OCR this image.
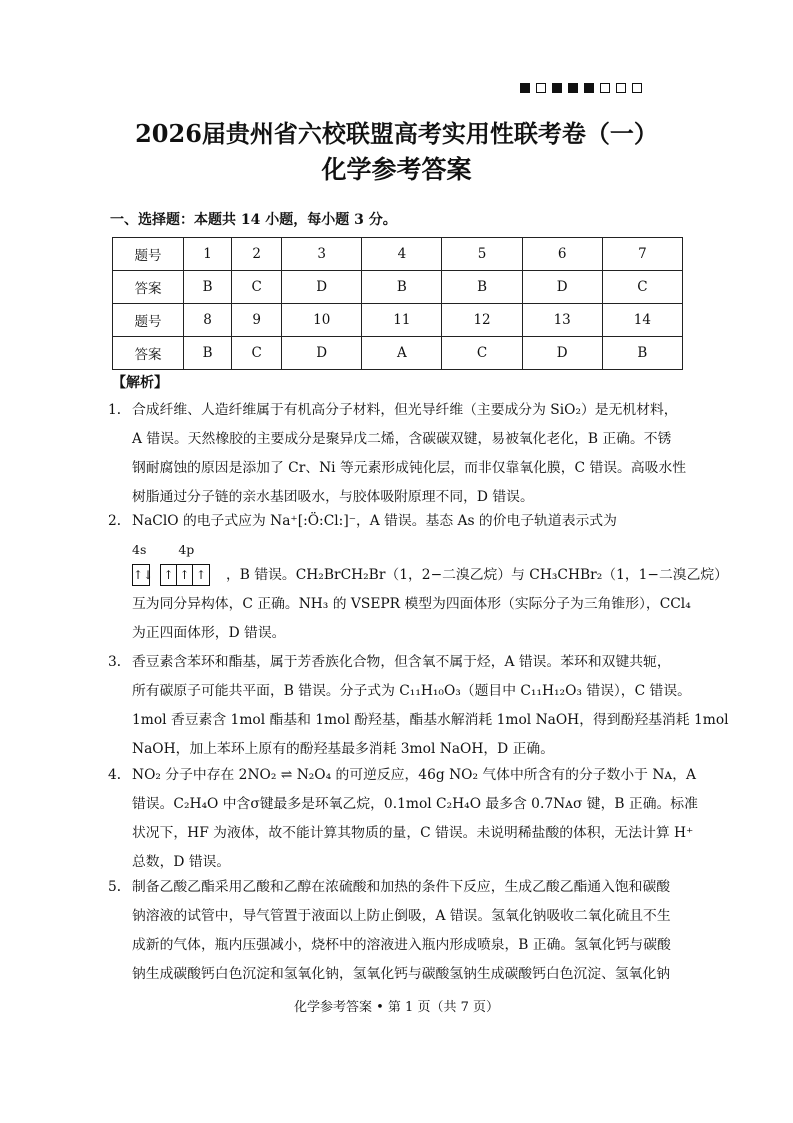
2026届贵州省六校联盟高考实用性联考卷（一）
化学参考答案
一、选择题：本题共 14 小题，每小题 3 分。
题号	1	2	3	4	5	6	7
答案	B	C	D	B	B	D	C
题号	8	9	10	11	12	13	14
答案	B	C	D	A	C	D	B
【解析】
1． 合成纤维、人造纤维属于有机高分子材料，但光导纤维（主要成分为 SiO₂）是无机材料，
A 错误。天然橡胶的主要成分是聚异戊二烯，含碳碳双键，易被氧化老化，B 正确。不锈
钢耐腐蚀的原因是添加了 Cr、Ni 等元素形成钝化层，而非仅靠氧化膜，C 错误。高吸水性
树脂通过分子链的亲水基团吸水，与胶体吸附原理不同，D 错误。
2． NaClO 的电子式应为 Na⁺[:Ö:Cl:]⁻，A 错误。基态 As 的价电子轨道表示式为
4s	4p
↑↓ ↑ ↑ ↑ ，B 错误。CH₂BrCH₂Br（1，2−二溴乙烷）与 CH₃CHBr₂（1，1−二溴乙烷）
互为同分异构体，C 正确。NH₃ 的 VSEPR 模型为四面体形（实际分子为三角锥形），CCl₄
为正四面体形，D 错误。
3． 香豆素含苯环和酯基，属于芳香族化合物，但含氧不属于烃，A 错误。苯环和双键共轭，
所有碳原子可能共平面，B 错误。分子式为 C₁₁H₁₀O₃（题目中 C₁₁H₁₂O₃ 错误），C 错误。
1mol 香豆素含 1mol 酯基和 1mol 酚羟基，酯基水解消耗 1mol NaOH，得到酚羟基消耗 1mol
NaOH，加上苯环上原有的酚羟基最多消耗 3mol NaOH，D 正确。
4． NO₂ 分子中存在 2NO₂ ⇌ N₂O₄ 的可逆反应，46g NO₂ 气体中所含有的分子数小于 Nᴀ，A
错误。C₂H₄O 中含σ键最多是环氧乙烷，0.1mol C₂H₄O 最多含 0.7Nᴀσ 键，B 正确。标准
状况下，HF 为液体，故不能计算其物质的量，C 错误。未说明稀盐酸的体积，无法计算 H⁺
总数，D 错误。
5． 制备乙酸乙酯采用乙酸和乙醇在浓硫酸和加热的条件下反应，生成乙酸乙酯通入饱和碳酸
钠溶液的试管中，导气管置于液面以上防止倒吸，A 错误。氢氧化钠吸收二氧化硫且不生
成新的气体，瓶内压强减小，烧杯中的溶液进入瓶内形成喷泉，B 正确。氢氧化钙与碳酸
钠生成碳酸钙白色沉淀和氢氧化钠，氢氧化钙与碳酸氢钠生成碳酸钙白色沉淀、氢氧化钠
化学参考答案 • 第 1 页（共 7 页）
